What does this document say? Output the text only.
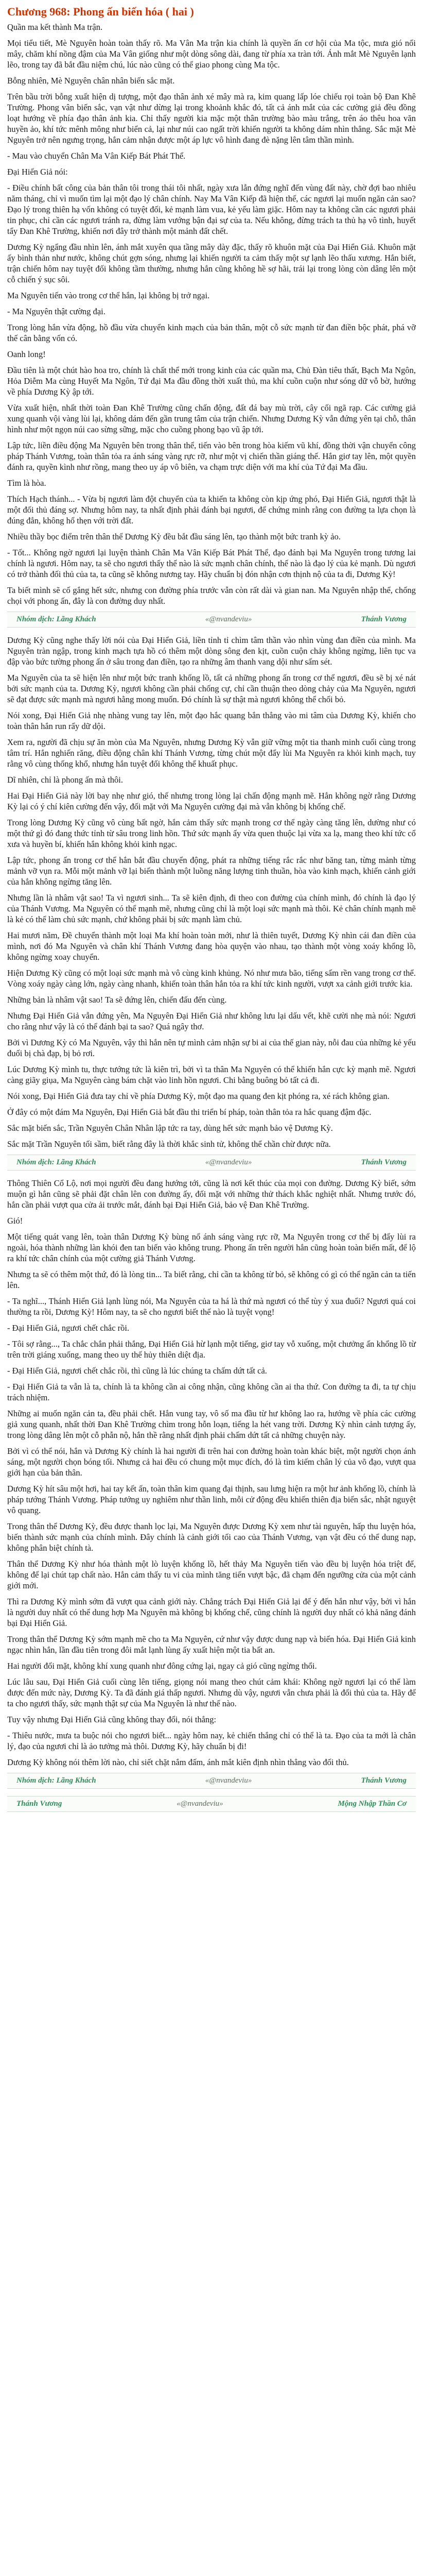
Chương 968: Phong ấn biến hóa ( hai )

Quần ma kết thành Ma trận.

Mọi tiểu tiết, Mè Nguyên hoàn toàn thấy rõ. Ma Vân Ma trận kia chính là quyền ấn cơ hội của Ma tộc, mưa gió nổi mây, chăm khí nồng đậm của Ma Vân giống như một dòng sông dài, đang từ phía xa tràn tới. Ánh mắt Mè Nguyên lạnh lẽo, trong tay đã bắt đầu niệm chú, lúc nào cũng có thể giao phong cùng Ma tộc.

Bỗng nhiên, Mè Nguyên chân nhân biến sắc mặt.

Trên bầu trời bỗng xuất hiện dị tượng, một đạo thân ảnh xé mây mà ra, kim quang lấp lóe chiếu rọi toàn bộ Đan Khê Trường. Phong vân biến sắc, vạn vật như dừng lại trong khoảnh khắc đó, tất cả ánh mắt của các cường giả đều đồng loạt hướng về phía đạo thân ảnh kia. Chỉ thấy người kia mặc một thân trường bào màu trắng, trên áo thêu hoa văn huyền ảo, khí tức mênh mông như biển cả, lại như núi cao ngất trời khiến người ta không dám nhìn thẳng. Sắc mặt Mè Nguyên trở nên ngưng trọng, hắn cảm nhận được một áp lực vô hình đang đè nặng lên tâm thần mình.

- Mau vào chuyển Chân Ma Vân Kiếp Bát Phát Thể.

Đại Hiển Giả nói:

- Điều chính bất công của bản thân tôi trong thái tôi nhất, ngày xưa lẫn đứng nghĩ đến vùng đất này, chờ đợi bao nhiêu năm tháng, chỉ vì muốn tìm lại một đạo lý chân chính. Nay Ma Vân Kiếp đã hiện thế, các ngươi lại muốn ngăn cản sao? Đạo lý trong thiên hạ vốn không có tuyệt đối, kẻ mạnh làm vua, kẻ yếu làm giặc. Hôm nay ta không cần các ngươi phải tin phục, chỉ cần các ngươi tránh ra, đừng làm vướng bận đại sự của ta. Nếu không, đừng trách ta thủ hạ vô tình, huyết tẩy Đan Khê Trường, khiến nơi đây trở thành một mảnh đất chết.

Dương Kỳ ngẩng đầu nhìn lên, ánh mắt xuyên qua tầng mây dày đặc, thấy rõ khuôn mặt của Đại Hiển Giả. Khuôn mặt ấy bình thản như nước, không chút gợn sóng, nhưng lại khiến người ta cảm thấy một sự lạnh lẽo thấu xương. Hắn biết, trận chiến hôm nay tuyệt đối không tầm thường, nhưng hắn cũng không hề sợ hãi, trái lại trong lòng còn dâng lên một cỗ chiến ý sục sôi.

Ma Nguyên tiến vào trong cơ thể hắn, lại không bị trở ngại.

- Ma Nguyên thật cường đại.

Trong lòng hắn vừa động, hồ đầu vừa chuyển kinh mạch của bản thân, một cỗ sức mạnh từ đan điền bộc phát, phá vỡ thế cân bằng vốn có.

Oanh long!

Đầu tiên là một chút hào hoa tro, chính là chất thể mới trong kinh của các quần ma, Chủ Đàn tiêu thất, Bạch Ma Ngôn, Hỏa Diễm Ma cùng Huyết Ma Ngôn, Tứ đại Ma đầu đồng thời xuất thủ, ma khí cuồn cuộn như sóng dữ vỗ bờ, hướng về phía Dương Kỳ ập tới.

Vừa xuất hiện, nhất thời toàn Đan Khê Trường cũng chấn động, đất đá bay mù trời, cây cối ngã rạp. Các cường giả xung quanh vội vàng lùi lại, không dám đến gần trung tâm của trận chiến. Nhưng Dương Kỳ vẫn đứng yên tại chỗ, thân hình như một ngọn núi cao sừng sững, mặc cho cuồng phong bạo vũ ập tới.

Lập tức, liền điều động Ma Nguyên bên trong thân thể, tiến vào bên trong hòa kiếm vũ khí, đồng thời vận chuyển công pháp Thánh Vương, toàn thân tỏa ra ánh sáng vàng rực rỡ, như một vị chiến thần giáng thế. Hắn giơ tay lên, một quyền đánh ra, quyền kình như rồng, mang theo uy áp vô biên, va chạm trực diện với ma khí của Tứ đại Ma đầu.

Tìm là hòa.

Thích Hạch thánh... - Vừa bị ngươi làm đột chuyển của ta khiến ta không còn kịp ứng phó, Đại Hiển Giả, ngươi thật là một đối thủ đáng sợ. Nhưng hôm nay, ta nhất định phải đánh bại ngươi, để chứng minh rằng con đường ta lựa chọn là đúng đắn, không hổ thẹn với trời đất.

Nhiều thầy bọc điểm trên thân thể Dương Kỳ đều bắt đầu sáng lên, tạo thành một bức tranh kỳ ảo.

- Tốt... Không ngờ ngươi lại luyện thành Chân Ma Vân Kiếp Bát Phát Thể, đạo đánh bại Ma Nguyên trong tương lai chính là ngươi. Hôm nay, ta sẽ cho ngươi thấy thế nào là sức mạnh chân chính, thế nào là đạo lý của kẻ mạnh. Dù ngươi có trở thành đối thủ của ta, ta cũng sẽ không nương tay. Hãy chuẩn bị đón nhận cơn thịnh nộ của ta đi, Dương Kỳ!

Ta biết mình sẽ cố gắng hết sức, nhưng con đường phía trước vẫn còn rất dài và gian nan. Ma Nguyên nhập thể, chống chọi với phong ấn, đây là con đường duy nhất.

Nhóm dịch: Lãng Khách	«@nvandeviu»	Thánh Vương

Dương Kỳ cũng nghe thấy lời nói của Đại Hiển Giả, liền tỉnh tỉ chìm tâm thần vào nhìn vùng đan điền của mình. Ma Nguyên tràn ngập, trong kinh mạch tựa hồ có thêm một dòng sông đen kịt, cuồn cuộn chảy không ngừng, liên tục va đập vào bức tường phong ấn ở sâu trong đan điền, tạo ra những âm thanh vang dội như sấm sét.

Ma Nguyên của ta sẽ hiện lên như một bức tranh khổng lồ, tất cả những phong ấn trong cơ thể ngươi, đều sẽ bị xé nát bởi sức mạnh của ta. Dương Kỳ, ngươi không cần phải chống cự, chỉ cần thuận theo dòng chảy của Ma Nguyên, ngươi sẽ đạt được sức mạnh mà ngươi hằng mong muốn. Đó chính là sự thật mà ngươi không thể chối bỏ.

Nói xong, Đại Hiển Giả nhẹ nhàng vung tay lên, một đạo hắc quang bắn thẳng vào mi tâm của Dương Kỳ, khiến cho toàn thân hắn run rẩy dữ dội.

Xem ra, người đã chịu sự ăn mòn của Ma Nguyên, nhưng Dương Kỳ vẫn giữ vững một tia thanh minh cuối cùng trong tâm trí. Hắn nghiến răng, điều động chân khí Thánh Vương, từng chút một đẩy lùi Ma Nguyên ra khỏi kinh mạch, tuy rằng vô cùng thống khổ, nhưng hắn tuyệt đối không thể khuất phục.

Dĩ nhiên, chỉ là phong ấn mà thôi.

Hai Đại Hiển Giả này lời bay nhẹ như gió, thế nhưng trong lòng lại chấn động mạnh mẽ. Hắn không ngờ rằng Dương Kỳ lại có ý chí kiên cường đến vậy, đối mặt với Ma Nguyên cường đại mà vẫn không bị khống chế.

Trong lòng Dương Kỳ cũng vô cùng bất ngờ, hắn cảm thấy sức mạnh trong cơ thể ngày càng tăng lên, dường như có một thứ gì đó đang thức tỉnh từ sâu trong linh hồn. Thứ sức mạnh ấy vừa quen thuộc lại vừa xa lạ, mang theo khí tức cổ xưa và huyền bí, khiến hắn không khỏi kinh ngạc.

Lập tức, phong ấn trong cơ thể hắn bắt đầu chuyển động, phát ra những tiếng rắc rắc như băng tan, từng mảnh từng mảnh vỡ vụn ra. Mỗi một mảnh vỡ lại biến thành một luồng năng lượng tinh thuần, hòa vào kinh mạch, khiến cảnh giới của hắn không ngừng tăng lên.

Nhưng lần là nhâm vật sao! Ta vì ngươi sinh... Ta sẽ kiên định, đi theo con đường của chính mình, đó chính là đạo lý của Thánh Vương. Ma Nguyên có thể mạnh mẽ, nhưng cũng chỉ là một loại sức mạnh mà thôi. Kẻ chân chính mạnh mẽ là kẻ có thể làm chủ sức mạnh, chứ không phải bị sức mạnh làm chủ.

Hai mươi năm, Đề chuyển thành một loại Ma khí hoàn toàn mới, như là thiên tuyết, Dương Kỳ nhìn cái đan điền của mình, nơi đó Ma Nguyên và chân khí Thánh Vương đang hòa quyện vào nhau, tạo thành một vòng xoáy khổng lồ, không ngừng xoay chuyển.

Hiện Dương Kỳ cũng có một loại sức mạnh mà vô cùng kinh khủng. Nó như mưa bão, tiếng sấm rền vang trong cơ thể. Vòng xoáy ngày càng lớn, ngày càng nhanh, khiến toàn thân hắn tỏa ra khí tức kinh người, vượt xa cảnh giới trước kia.

Những bản là nhâm vật sao! Ta sẽ đứng lên, chiến đấu đến cùng.

Nhưng Đại Hiển Giả vẫn đứng yên, Ma Nguyên Đại Hiển Giả như không lưu lại dấu vết, khẽ cười nhẹ mà nói: Ngươi cho rằng như vậy là có thể đánh bại ta sao? Quá ngây thơ.

Bởi vì Dương Kỳ có Ma Nguyên, vậy thì hắn nên tự mình cảm nhận sự bi ai của thế gian này, nỗi đau của những kẻ yếu đuối bị chà đạp, bị bỏ rơi.

Lúc Dương Kỳ mình tu, thực tướng tức là kiên trì, bởi vì ta thân Ma Nguyên có thể khiến hắn cực kỳ mạnh mẽ. Ngươi càng giãy giụa, Ma Nguyên càng bám chặt vào linh hồn ngươi. Chi bằng buông bỏ tất cả đi.

Nói xong, Đại Hiển Giả đưa tay chỉ về phía Dương Kỳ, một đạo ma quang đen kịt phóng ra, xé rách không gian.

Ở đây có một đám Ma Nguyên, Đại Hiển Giả bắt đầu thi triển bí pháp, toàn thân tỏa ra hắc quang đậm đặc.

Sắc mặt biến sắc, Trần Nguyên Chân Nhân lập tức ra tay, dùng hết sức mạnh bảo vệ Dương Kỳ.

Sắc mặt Trần Nguyên tối sầm, biết rằng đây là thời khắc sinh tử, không thể chần chừ được nữa.

Nhóm dịch: Lãng Khách	«@nvandeviu»	Thánh Vương

Thông Thiên Cổ Lộ, nơi mọi người đều đang hướng tới, cũng là nơi kết thúc của mọi con đường. Dương Kỳ biết, sớm muộn gì hắn cũng sẽ phải đặt chân lên con đường ấy, đối mặt với những thử thách khắc nghiệt nhất. Nhưng trước đó, hắn cần phải vượt qua cửa ải trước mắt, đánh bại Đại Hiển Giả, bảo vệ Đan Khê Trường.

Gió!

Một tiếng quát vang lên, toàn thân Dương Kỳ bùng nổ ánh sáng vàng rực rỡ, Ma Nguyên trong cơ thể bị đẩy lùi ra ngoài, hóa thành những làn khói đen tan biến vào không trung. Phong ấn trên người hắn cũng hoàn toàn biến mất, để lộ ra khí tức chân chính của một cường giả Thánh Vương.

Nhưng ta sẽ có thêm một thứ, đó là lòng tin... Ta biết rằng, chỉ cần ta không từ bỏ, sẽ không có gì có thể ngăn cản ta tiến lên.

- Ta nghĩ..., Thánh Hiển Giả lạnh lùng nói, Ma Nguyên của ta há là thứ mà ngươi có thể tùy ý xua đuổi? Ngươi quá coi thường ta rồi, Dương Kỳ! Hôm nay, ta sẽ cho ngươi biết thế nào là tuyệt vọng!

- Đại Hiển Giả, ngươi chết chắc rồi.

- Tôi sợ rằng..., Ta chắc chắn phải thắng, Đại Hiển Giả hừ lạnh một tiếng, giơ tay vỗ xuống, một chưởng ấn khổng lồ từ trên trời giáng xuống, mang theo uy thế hủy thiên diệt địa.

- Đại Hiển Giả, ngươi chết chắc rồi, thì cũng là lúc chúng ta chấm dứt tất cả.

- Đại Hiển Giả ta vẫn là ta, chính là ta không cần ai công nhận, cũng không cần ai tha thứ. Con đường ta đi, ta tự chịu trách nhiệm.

Những ai muốn ngăn cản ta, đều phải chết. Hắn vung tay, vô số ma đầu từ hư không lao ra, hướng về phía các cường giả xung quanh, nhất thời Đan Khê Trường chìm trong hỗn loạn, tiếng la hét vang trời. Dương Kỳ nhìn cảnh tượng ấy, trong lòng dâng lên một cỗ phẫn nộ, hắn thề rằng nhất định phải chấm dứt tất cả những chuyện này.

Bởi vì có thể nói, hắn và Dương Kỳ chính là hai người đi trên hai con đường hoàn toàn khác biệt, một người chọn ánh sáng, một người chọn bóng tối. Nhưng cả hai đều có chung một mục đích, đó là tìm kiếm chân lý của võ đạo, vượt qua giới hạn của bản thân.

Dương Kỳ hít sâu một hơi, hai tay kết ấn, toàn thân kim quang đại thịnh, sau lưng hiện ra một hư ảnh khổng lồ, chính là pháp tướng Thánh Vương. Pháp tướng uy nghiêm như thần linh, mỗi cử động đều khiến thiên địa biến sắc, nhật nguyệt vô quang.

Trong thân thể Dương Kỳ, đều được thanh lọc lại, Ma Nguyên được Dương Kỳ xem như tài nguyên, hấp thu luyện hóa, biến thành sức mạnh của chính mình. Đây chính là cảnh giới tối cao của Thánh Vương, vạn vật đều có thể dung nạp, không phân biệt chính tà.

Thân thể Dương Kỳ như hóa thành một lò luyện khổng lồ, hết thảy Ma Nguyên tiến vào đều bị luyện hóa triệt để, không để lại chút tạp chất nào. Hắn cảm thấy tu vi của mình tăng tiến vượt bậc, đã chạm đến ngưỡng cửa của một cảnh giới mới.

Thì ra Dương Kỳ mình sớm đã vượt qua cảnh giới này. Chẳng trách Đại Hiển Giả lại để ý đến hắn như vậy, bởi vì hắn là người duy nhất có thể dung hợp Ma Nguyên mà không bị khống chế, cũng chính là người duy nhất có khả năng đánh bại Đại Hiển Giả.

Trong thân thể Dương Kỳ sớm mạnh mẽ cho ta Ma Nguyên, cứ như vậy được dung nạp và biến hóa. Đại Hiển Giả kinh ngạc nhìn hắn, lần đầu tiên trong đôi mắt lạnh lùng ấy xuất hiện một tia bất an.

Hai người đối mặt, không khí xung quanh như đông cứng lại, ngay cả gió cũng ngừng thổi.

Lúc lâu sau, Đại Hiển Giả cuối cùng lên tiếng, giọng nói mang theo chút cảm khái: Không ngờ ngươi lại có thể làm được đến mức này, Dương Kỳ. Ta đã đánh giá thấp ngươi. Nhưng dù vậy, ngươi vẫn chưa phải là đối thủ của ta. Hãy để ta cho ngươi thấy, sức mạnh thật sự của Ma Nguyên là như thế nào.

Tuy vậy nhưng Đại Hiển Giả cũng không thay đổi, nói thẳng:

- Thiêu nước, mưa ta buộc nói cho ngươi biết... ngày hôm nay, kẻ chiến thắng chỉ có thể là ta. Đạo của ta mới là chân lý, đạo của ngươi chỉ là ảo tưởng mà thôi. Dương Kỳ, hãy chuẩn bị đi!

Dương Kỳ không nói thêm lời nào, chỉ siết chặt nắm đấm, ánh mắt kiên định nhìn thẳng vào đối thủ.

Nhóm dịch: Lãng Khách	«@nvandeviu»	Thánh Vương
Thánh Vương	«@nvandeviu»	Mộng Nhập Thần Cơ
